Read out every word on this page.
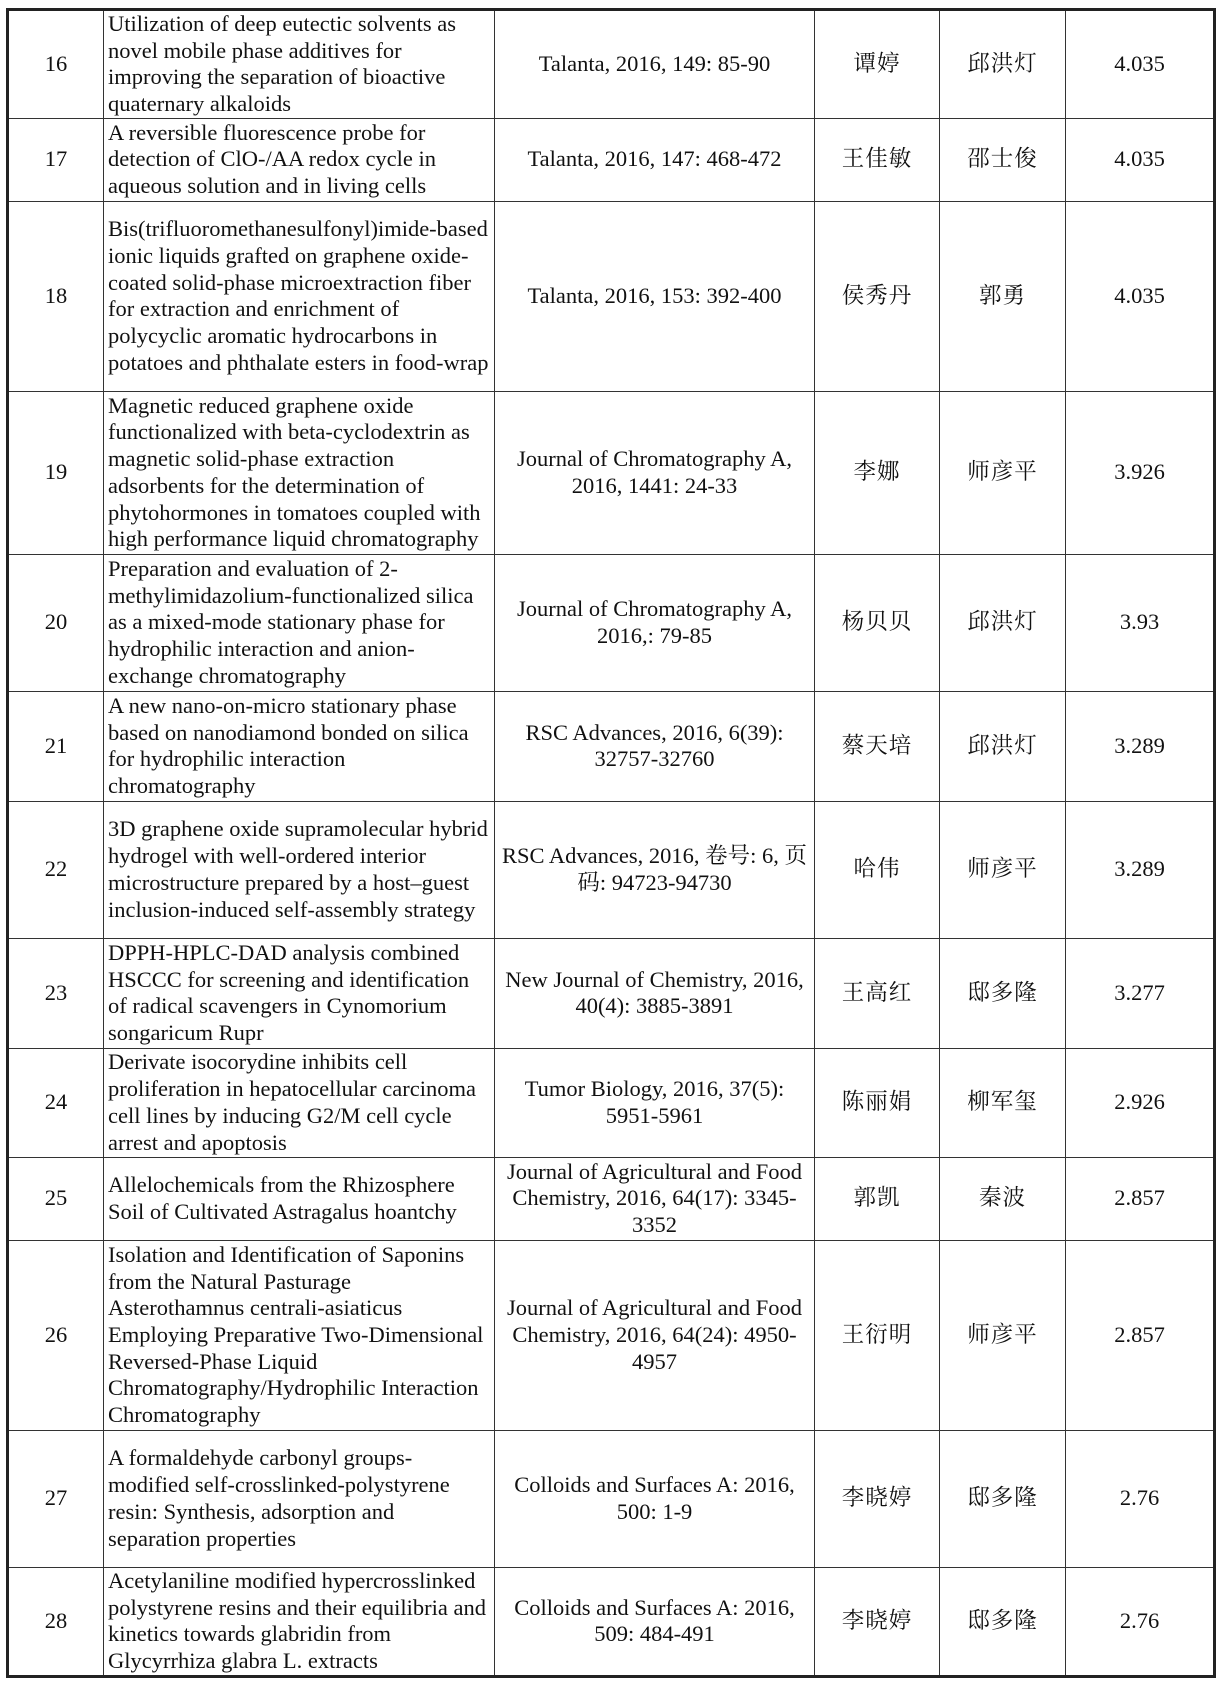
16	Utilization of deep eutectic solvents as novel mobile phase additives for improving the separation of bioactive quaternary alkaloids	Talanta, 2016, 149: 85-90	谭婷	邱洪灯	4.035
17	A reversible fluorescence probe for detection of ClO-/AA redox cycle in aqueous solution and in living cells	Talanta, 2016, 147: 468-472	王佳敏	邵士俊	4.035
18	Bis(trifluoromethanesulfonyl)imide-based ionic liquids grafted on graphene oxide-coated solid-phase microextraction fiber for extraction and enrichment of polycyclic aromatic hydrocarbons in potatoes and phthalate esters in food-wrap	Talanta, 2016, 153: 392-400	侯秀丹	郭勇	4.035
19	Magnetic reduced graphene oxide functionalized with beta-cyclodextrin as magnetic solid-phase extraction adsorbents for the determination of phytohormones in tomatoes coupled with high performance liquid chromatography	Journal of Chromatography A, 2016, 1441: 24-33	李娜	师彦平	3.926
20	Preparation and evaluation of 2-methylimidazolium-functionalized silica as a mixed-mode stationary phase for hydrophilic interaction and anion-exchange chromatography	Journal of Chromatography A, 2016,: 79-85	杨贝贝	邱洪灯	3.93
21	A new nano-on-micro stationary phase based on nanodiamond bonded on silica for hydrophilic interaction chromatography	RSC Advances, 2016, 6(39): 32757-32760	蔡天培	邱洪灯	3.289
22	3D graphene oxide supramolecular hybrid hydrogel with well-ordered interior microstructure prepared by a host–guest inclusion-induced self-assembly strategy	RSC Advances, 2016, 卷号: 6, 页码: 94723-94730	哈伟	师彦平	3.289
23	DPPH-HPLC-DAD analysis combined HSCCC for screening and identification of radical scavengers in Cynomorium songaricum Rupr	New Journal of Chemistry, 2016, 40(4): 3885-3891	王高红	邸多隆	3.277
24	Derivate isocorydine inhibits cell proliferation in hepatocellular carcinoma cell lines by inducing G2/M cell cycle arrest and apoptosis	Tumor Biology, 2016, 37(5): 5951-5961	陈丽娟	柳军玺	2.926
25	Allelochemicals from the Rhizosphere Soil of Cultivated Astragalus hoantchy	Journal of Agricultural and Food Chemistry, 2016, 64(17): 3345-3352	郭凯	秦波	2.857
26	Isolation and Identification of Saponins from the Natural Pasturage Asterothamnus centrali-asiaticus Employing Preparative Two-Dimensional Reversed-Phase Liquid Chromatography/Hydrophilic Interaction Chromatography	Journal of Agricultural and Food Chemistry, 2016, 64(24): 4950-4957	王衍明	师彦平	2.857
27	A formaldehyde carbonyl groups-modified self-crosslinked-polystyrene resin: Synthesis, adsorption and separation properties	Colloids and Surfaces A: 2016, 500: 1-9	李晓婷	邸多隆	2.76
28	Acetylaniline modified hypercrosslinked polystyrene resins and their equilibria and kinetics towards glabridin from Glycyrrhiza glabra L. extracts	Colloids and Surfaces A: 2016, 509: 484-491	李晓婷	邸多隆	2.76
